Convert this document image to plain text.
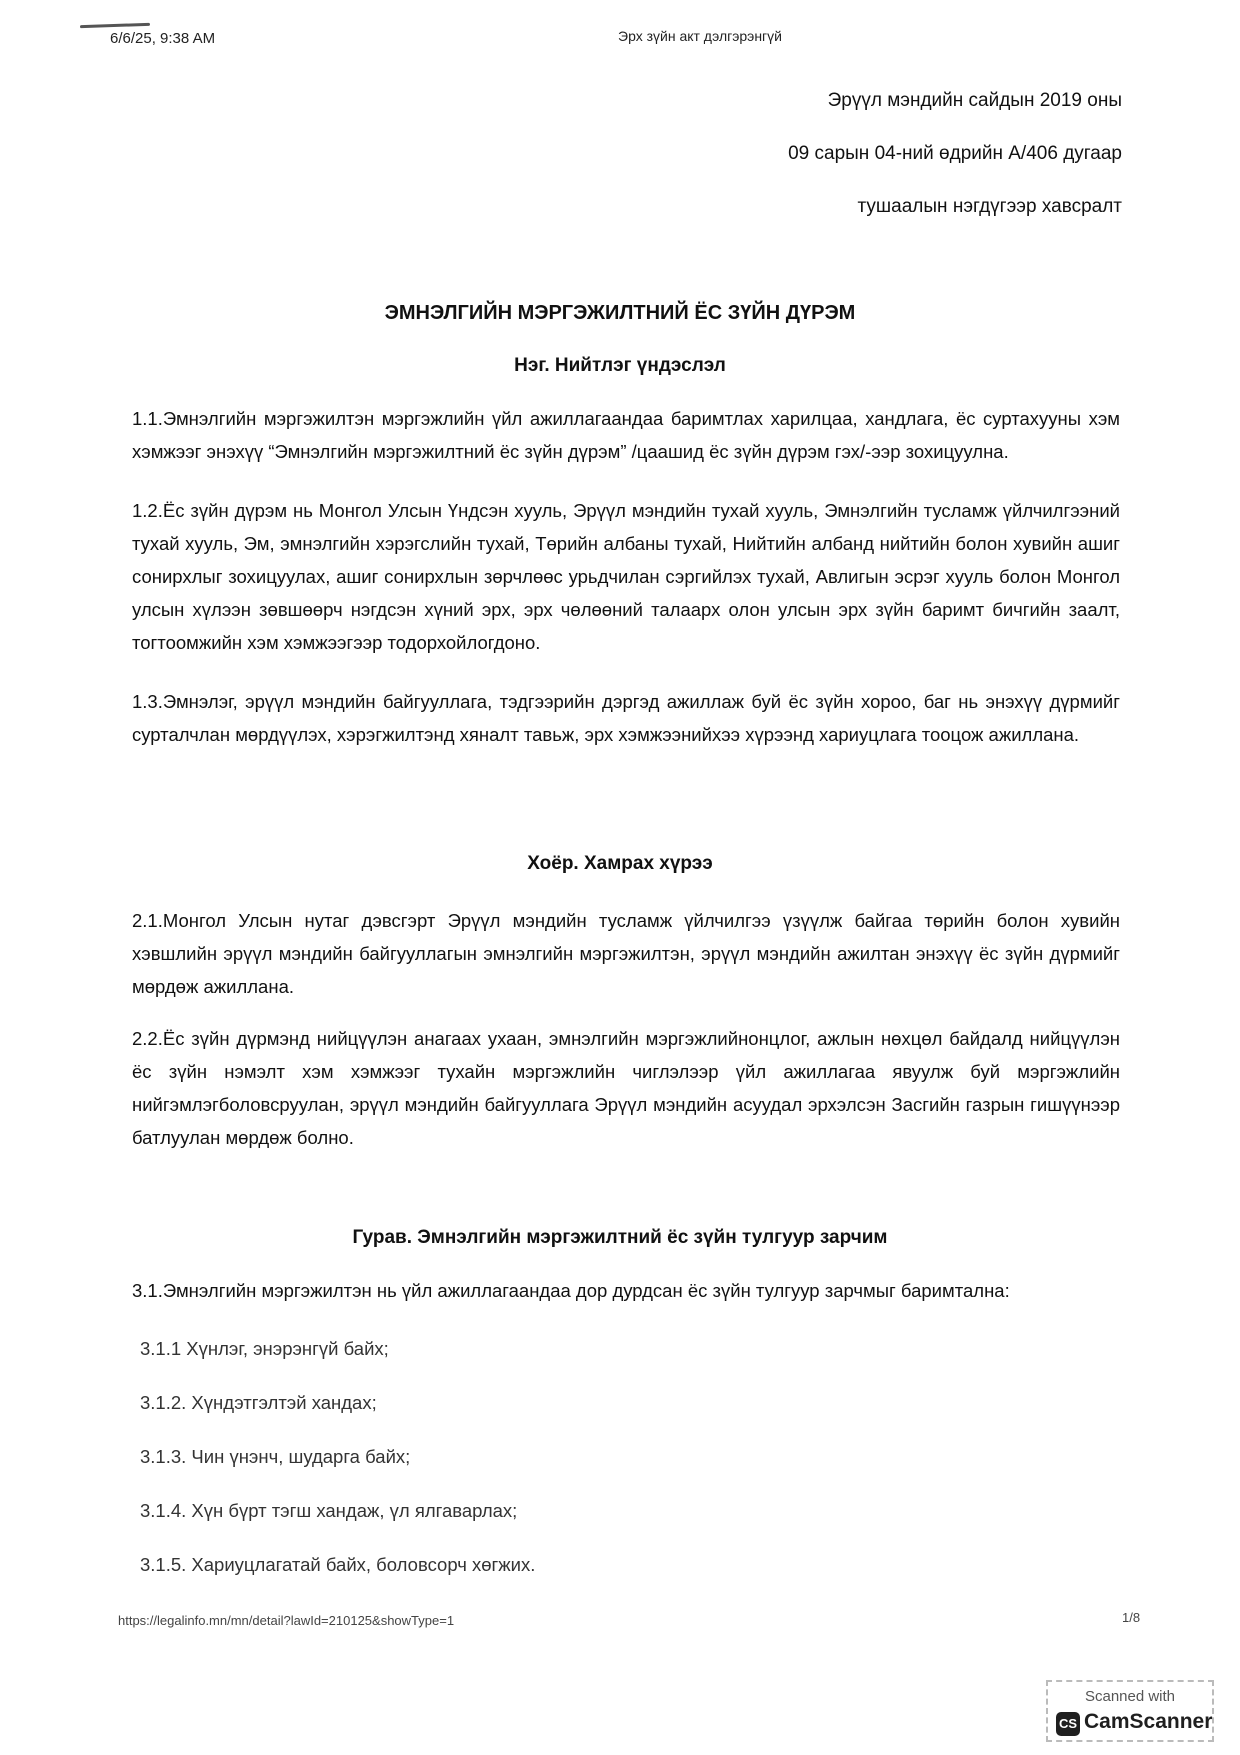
6/6/25, 9:38 AM	Эрх зүйн акт дэлгэрэнгүй
Эрүүл мэндийн сайдын 2019 оны
09 сарын 04-ний өдрийн А/406 дугаар
тушаалын нэгдүгээр хавсралт
ЭМНЭЛГИЙН МЭРГЭЖИЛТНИЙ ЁС ЗҮЙН ДҮРЭМ
Нэг. Нийтлэг үндэслэл
1.1.Эмнэлгийн мэргэжилтэн мэргэжлийн үйл ажиллагаандаа баримтлах харилцаа, хандлага, ёс суртахууны хэм хэмжээг энэхүү “Эмнэлгийн мэргэжилтний ёс зүйн дүрэм” /цаашид ёс зүйн дүрэм гэх/-ээр зохицуулна.
1.2.Ёс зүйн дүрэм нь Монгол Улсын Үндсэн хууль, Эрүүл мэндийн тухай хууль, Эмнэлгийн тусламж үйлчилгээний тухай хууль, Эм, эмнэлгийн хэрэгслийн тухай, Төрийн албаны тухай, Нийтийн албанд нийтийн болон хувийн ашиг сонирхлыг зохицуулах, ашиг сонирхлын зөрчлөөс урьдчилан сэргийлэх тухай, Авлигын эсрэг хууль болон Монгол улсын хүлээн зөвшөөрч нэгдсэн хүний эрх, эрх чөлөөний талаарх олон улсын эрх зүйн баримт бичгийн заалт, тогтоомжийн хэм хэмжээгээр тодорхойлогдоно.
1.3.Эмнэлэг, эрүүл мэндийн байгууллага, тэдгээрийн дэргэд ажиллаж буй ёс зүйн хороо, баг нь энэхүү дүрмийг сурталчлан мөрдүүлэх, хэрэгжилтэнд хяналт тавьж, эрх хэмжээнийхээ хүрээнд хариуцлага тооцож ажиллана.
Хоёр. Хамрах хүрээ
2.1.Монгол Улсын нутаг дэвсгэрт Эрүүл мэндийн тусламж үйлчилгээ үзүүлж байгаа төрийн болон хувийн хэвшлийн эрүүл мэндийн байгууллагын эмнэлгийн мэргэжилтэн, эрүүл мэндийн ажилтан энэхүү ёс зүйн дүрмийг мөрдөж ажиллана.
2.2.Ёс зүйн дүрмэнд нийцүүлэн анагаах ухаан, эмнэлгийн мэргэжлийнонцлог, ажлын нөхцөл байдалд нийцүүлэн ёс зүйн нэмэлт хэм хэмжээг тухайн мэргэжлийн чиглэлээр үйл ажиллагаа явуулж буй мэргэжлийн нийгэмлэгболовсруулан, эрүүл мэндийн байгууллага Эрүүл мэндийн асуудал эрхэлсэн Засгийн газрын гишүүнээр батлуулан мөрдөж болно.
Гурав. Эмнэлгийн мэргэжилтний ёс зүйн тулгуур зарчим
3.1.Эмнэлгийн мэргэжилтэн нь үйл ажиллагаандаа дор дурдсан ёс зүйн тулгуур зарчмыг баримтална:
3.1.1 Хүнлэг, энэрэнгүй байх;
3.1.2. Хүндэтгэлтэй хандах;
3.1.3. Чин үнэнч, шударга байх;
3.1.4. Хүн бүрт тэгш хандаж, үл ялгаварлах;
3.1.5. Хариуцлагатай байх, боловсорч хөгжих.
https://legalinfo.mn/mn/detail?lawId=210125&showType=1	1/8
Scanned with
CS CamScanner
